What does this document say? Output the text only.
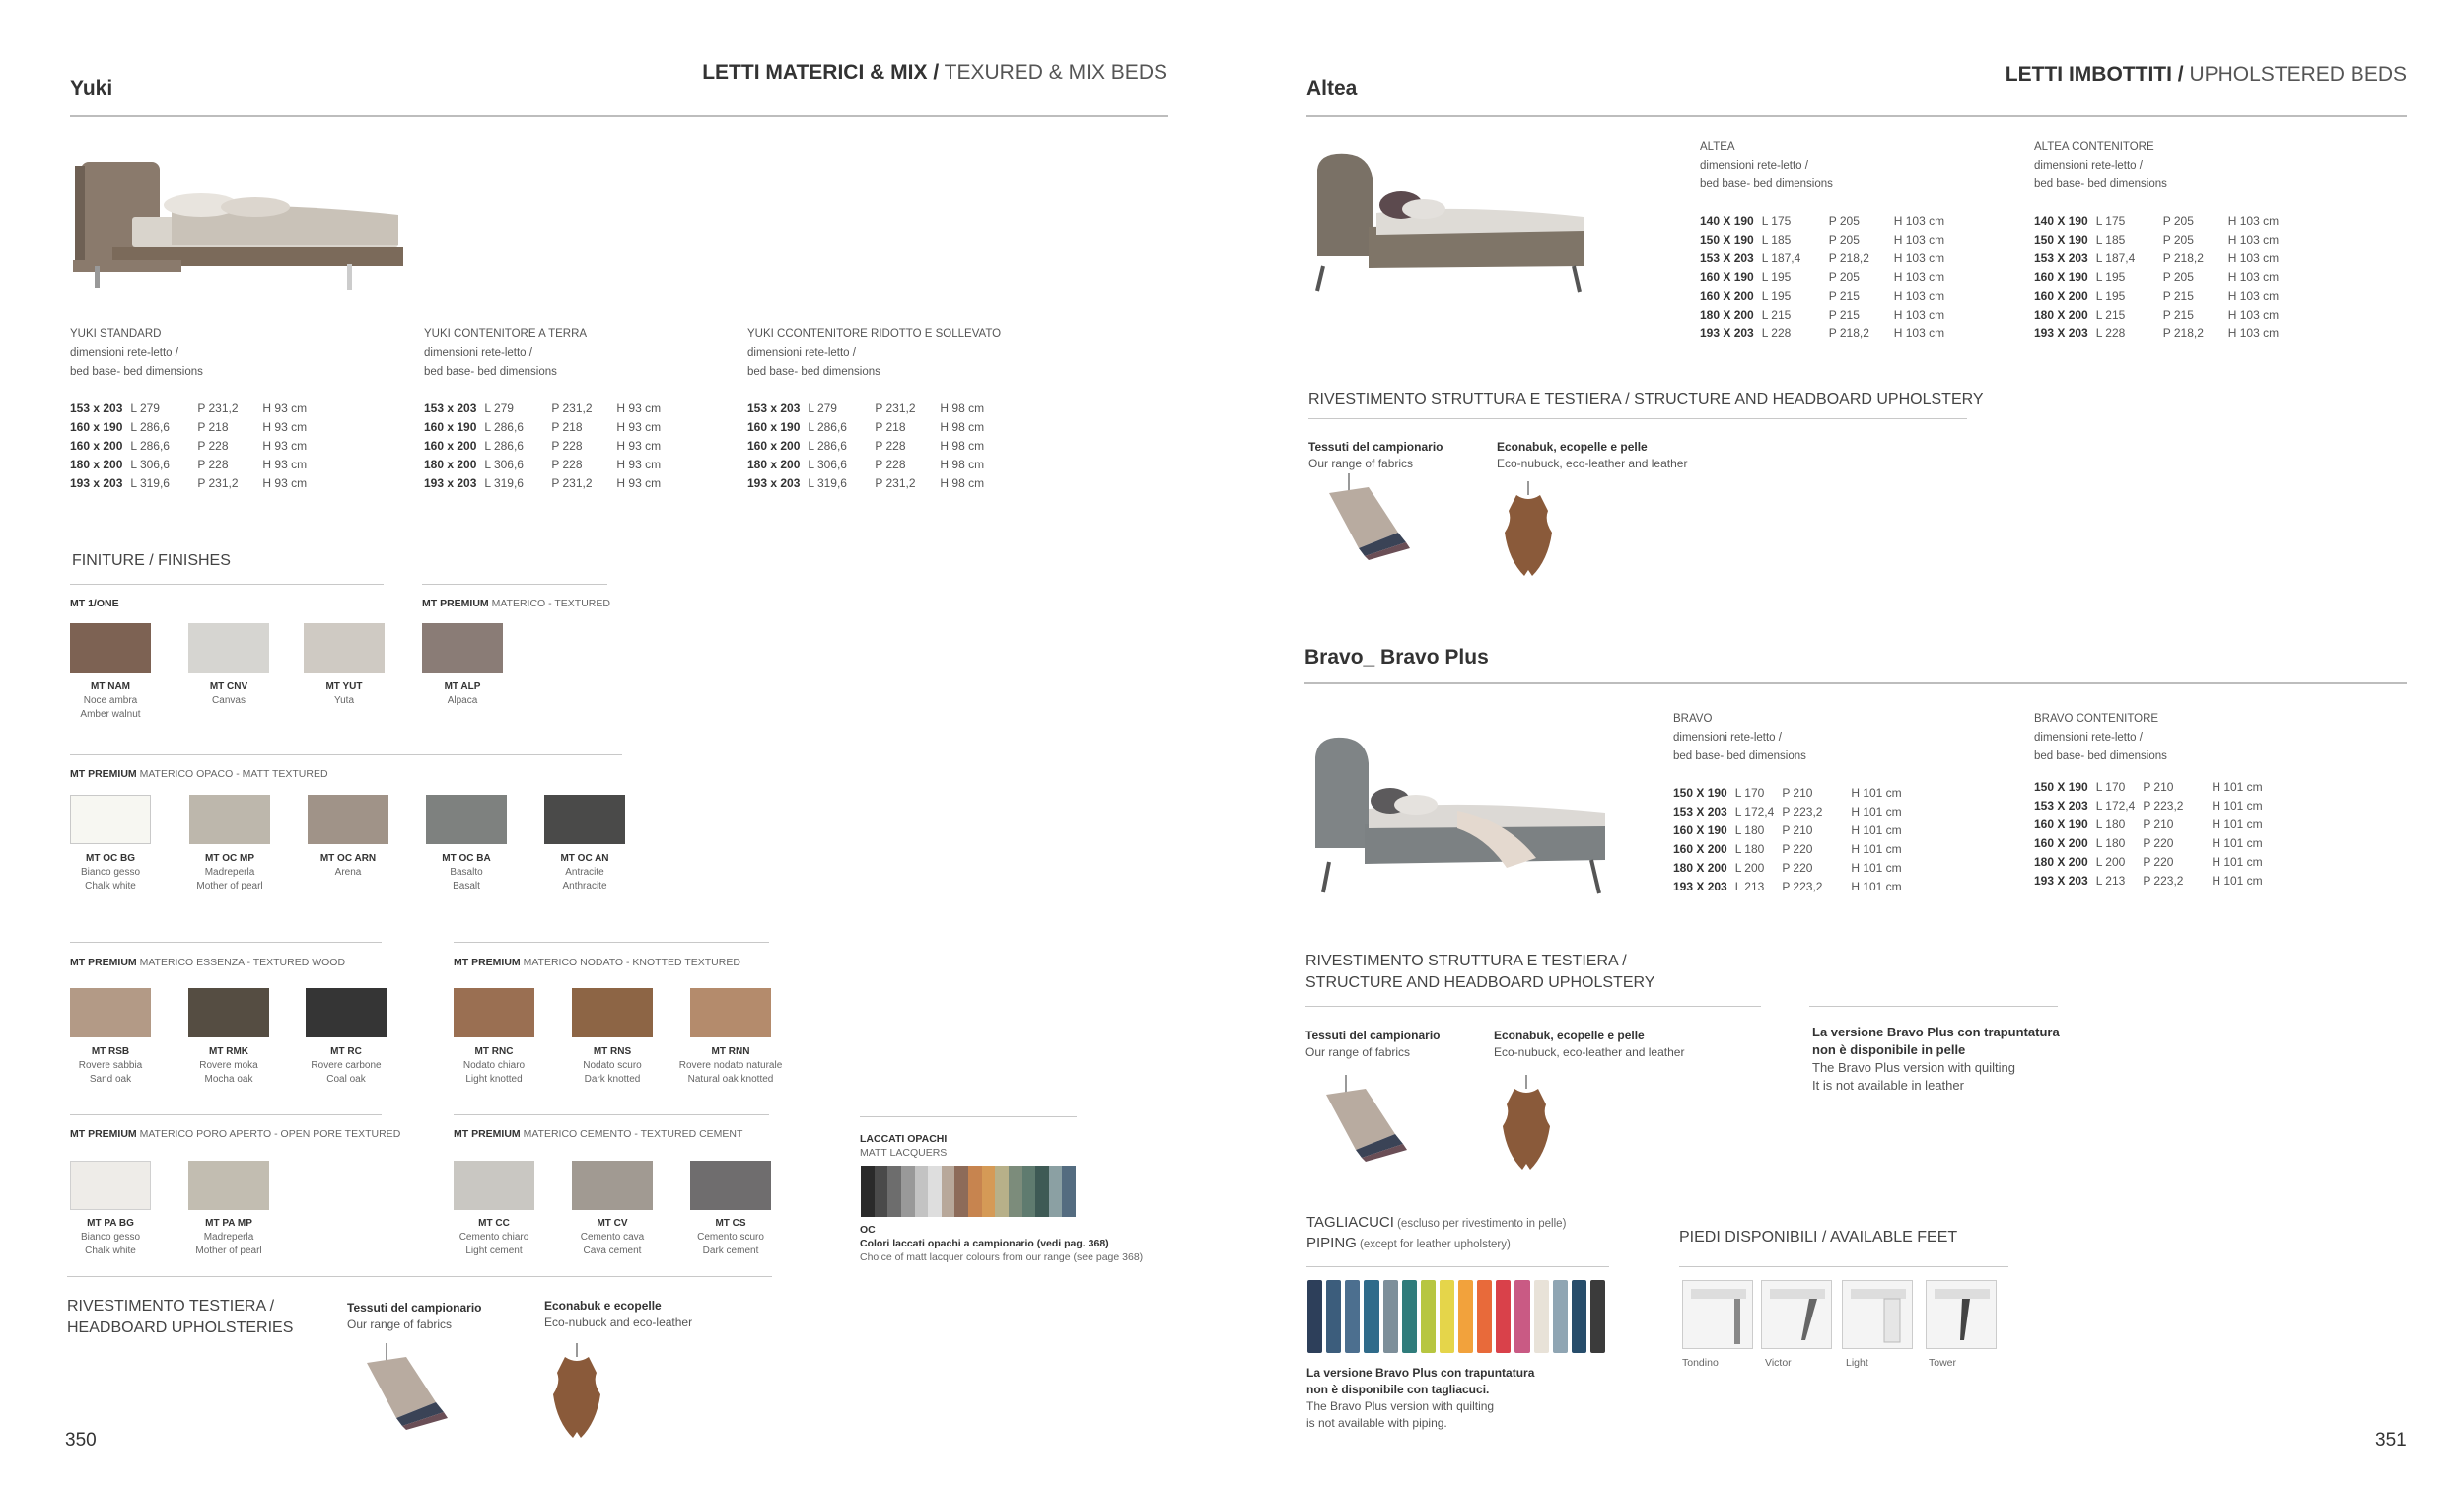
Yuki
LETTI MATERICI & MIX / TEXURED & MIX BEDS
YUKI STANDARD
dimensioni rete-letto /
bed base- bed dimensions
153 x 203	L 279	P 231,2	H 93 cm
160 x 190	L 286,6	P 218	H 93 cm
160 x 200	L 286,6	P 228	H 93 cm
180 x 200	L 306,6	P 228	H 93 cm
193 x 203	L 319,6	P 231,2	H 93 cm
YUKI CONTENITORE A TERRA
dimensioni rete-letto /
bed base- bed dimensions
153 x 203	L 279	P 231,2	H 93 cm
160 x 190	L 286,6	P 218	H 93 cm
160 x 200	L 286,6	P 228	H 93 cm
180 x 200	L 306,6	P 228	H 93 cm
193 x 203	L 319,6	P 231,2	H 93 cm
YUKI CCONTENITORE RIDOTTO E SOLLEVATO
dimensioni rete-letto /
bed base- bed dimensions
153 x 203	L 279	P 231,2	H 98 cm
160 x 190	L 286,6	P 218	H 98 cm
160 x 200	L 286,6	P 228	H 98 cm
180 x 200	L 306,6	P 228	H 98 cm
193 x 203	L 319,6	P 231,2	H 98 cm
FINITURE / FINISHES
MT 1/ONE	MT PREMIUM MATERICO - TEXTURED
MT PREMIUM MATERICO OPACO - MATT TEXTURED
MT PREMIUM MATERICO ESSENZA - TEXTURED WOOD	MT PREMIUM MATERICO NODATO - KNOTTED TEXTURED
MT PREMIUM MATERICO PORO APERTO - OPEN PORE TEXTURED	MT PREMIUM MATERICO CEMENTO - TEXTURED CEMENT
MT NAM
Noce ambra
Amber walnut
MT CNV
Canvas

MT YUT
Yuta

MT ALP
Alpaca

MT OC BG
Bianco gesso
Chalk white
MT OC MP
Madreperla
Mother of pearl
MT OC ARN
Arena

MT OC BA
Basalto
Basalt
MT OC AN
Antracite
Anthracite
MT RSB
Rovere sabbia
Sand oak
MT RMK
Rovere moka
Mocha oak
MT RC
Rovere carbone
Coal oak
MT RNC
Nodato chiaro
Light knotted
MT RNS
Nodato scuro
Dark knotted
MT RNN
Rovere nodato naturale
Natural oak knotted
MT PA BG
Bianco gesso
Chalk white
MT PA MP
Madreperla
Mother of pearl
MT CC
Cemento chiaro
Light cement
MT CV
Cemento cava
Cava cement
MT CS
Cemento scuro
Dark cement
LACCATI OPACHI
MATT LACQUERS
OC
Colori laccati opachi a campionario (vedi pag. 368)
Choice of matt lacquer colours from our range (see page 368)
RIVESTIMENTO TESTIERA /
HEADBOARD UPHOLSTERIES
Tessuti del campionario
Our range of fabrics
Econabuk e ecopelle
Eco-nubuck and eco-leather
350
Altea
LETTI IMBOTTITI / UPHOLSTERED BEDS
ALTEA
dimensioni rete-letto /
bed base- bed dimensions
140 X 190	L 175	P 205	H 103 cm
150 X 190	L 185	P 205	H 103 cm
153 X 203	L 187,4	P 218,2	H 103 cm
160 X 190	L 195	P 205	H 103 cm
160 X 200	L 195	P 215	H 103 cm
180 X 200	L 215	P 215	H 103 cm
193 X 203	L 228	P 218,2	H 103 cm
ALTEA CONTENITORE
dimensioni rete-letto /
bed base- bed dimensions
140 X 190	L 175	P 205	H 103 cm
150 X 190	L 185	P 205	H 103 cm
153 X 203	L 187,4	P 218,2	H 103 cm
160 X 190	L 195	P 205	H 103 cm
160 X 200	L 195	P 215	H 103 cm
180 X 200	L 215	P 215	H 103 cm
193 X 203	L 228	P 218,2	H 103 cm
RIVESTIMENTO STRUTTURA E TESTIERA / STRUCTURE AND HEADBOARD UPHOLSTERY
Tessuti del campionario
Our range of fabrics
Econabuk, ecopelle e pelle
Eco-nubuck, eco-leather and leather
Bravo_ Bravo Plus
BRAVO
dimensioni rete-letto /
bed base- bed dimensions
150 X 190	L 170	P 210	H 101 cm
153 X 203	L 172,4	P 223,2	H 101 cm
160 X 190	L 180	P 210	H 101 cm
160 X 200	L 180	P 220	H 101 cm
180 X 200	L 200	P 220	H 101 cm
193 X 203	L 213	P 223,2	H 101 cm
BRAVO CONTENITORE
dimensioni rete-letto /
bed base- bed dimensions
150 X 190	L 170	P 210	H 101 cm
153 X 203	L 172,4	P 223,2	H 101 cm
160 X 190	L 180	P 210	H 101 cm
160 X 200	L 180	P 220	H 101 cm
180 X 200	L 200	P 220	H 101 cm
193 X 203	L 213	P 223,2	H 101 cm
RIVESTIMENTO STRUTTURA E TESTIERA /
STRUCTURE AND HEADBOARD UPHOLSTERY
Tessuti del campionario
Our range of fabrics
Econabuk, ecopelle e pelle
Eco-nubuck, eco-leather and leather
La versione Bravo Plus con trapuntatura
non è disponibile in pelle
The Bravo Plus version with quilting
It is not available in leather
TAGLIACUCI (escluso per rivestimento in pelle)
PIPING (except for leather upholstery)
La versione Bravo Plus con trapuntatura
non è disponibile con tagliacuci.
The Bravo Plus version with quilting
is not available with piping.
PIEDI DISPONIBILI / AVAILABLE FEET
Tondino	Victor	Light	Tower
351
